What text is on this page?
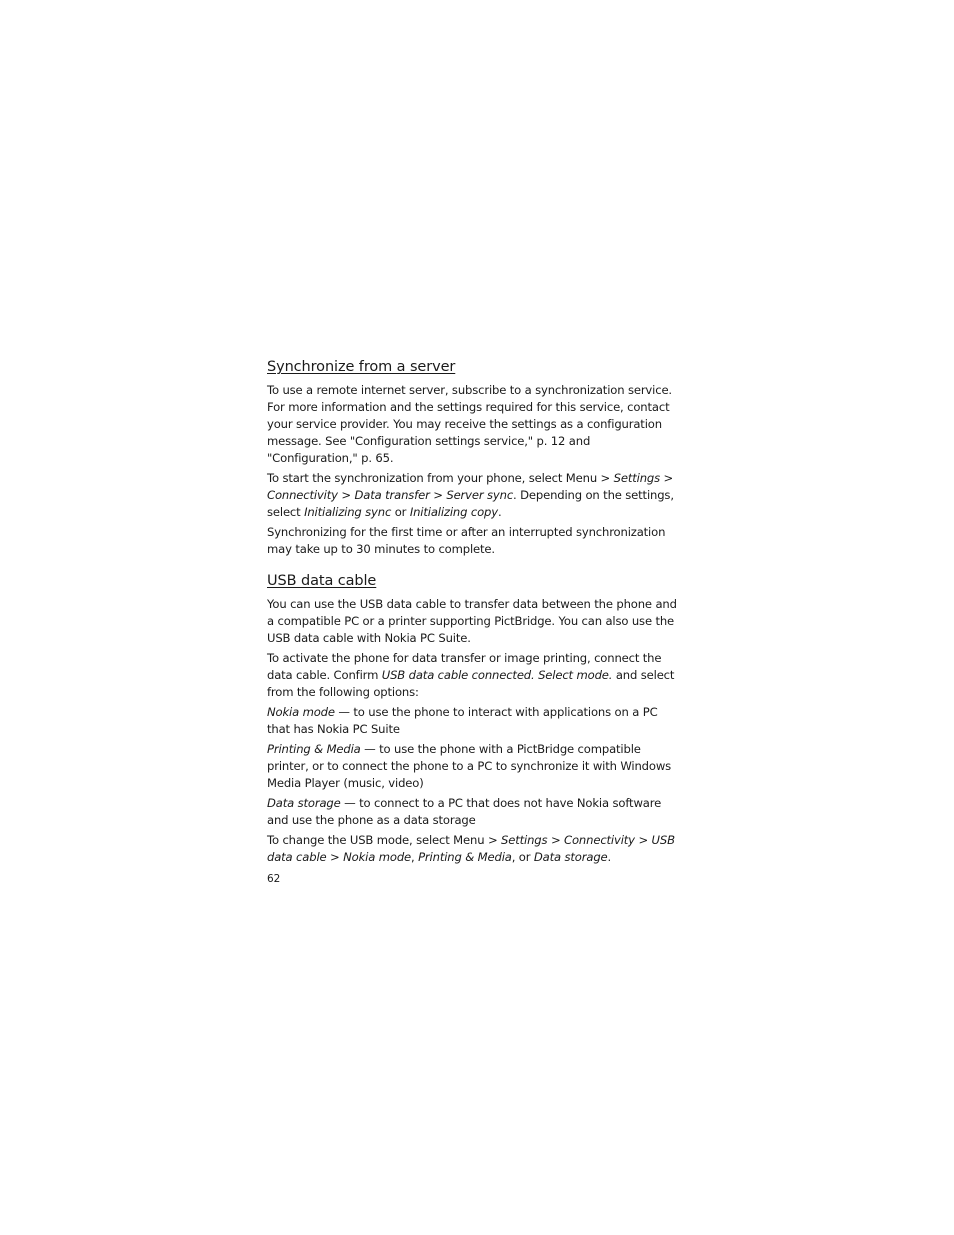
Synchronize from a server

To use a remote internet server, subscribe to a synchronization service. For more information and the settings required for this service, contact your service provider. You may receive the settings as a configuration message. See "Configuration settings service," p. 12 and "Configuration," p. 65.

To start the synchronization from your phone, select Menu > Settings > Connectivity > Data transfer > Server sync. Depending on the settings, select Initializing sync or Initializing copy.

Synchronizing for the first time or after an interrupted synchronization may take up to 30 minutes to complete.

USB data cable

You can use the USB data cable to transfer data between the phone and a compatible PC or a printer supporting PictBridge. You can also use the USB data cable with Nokia PC Suite.

To activate the phone for data transfer or image printing, connect the data cable. Confirm USB data cable connected. Select mode. and select from the following options:

Nokia mode — to use the phone to interact with applications on a PC that has Nokia PC Suite

Printing & Media — to use the phone with a PictBridge compatible printer, or to connect the phone to a PC to synchronize it with Windows Media Player (music, video)

Data storage — to connect to a PC that does not have Nokia software and use the phone as a data storage

To change the USB mode, select Menu > Settings > Connectivity > USB data cable > Nokia mode, Printing & Media, or Data storage.

62
